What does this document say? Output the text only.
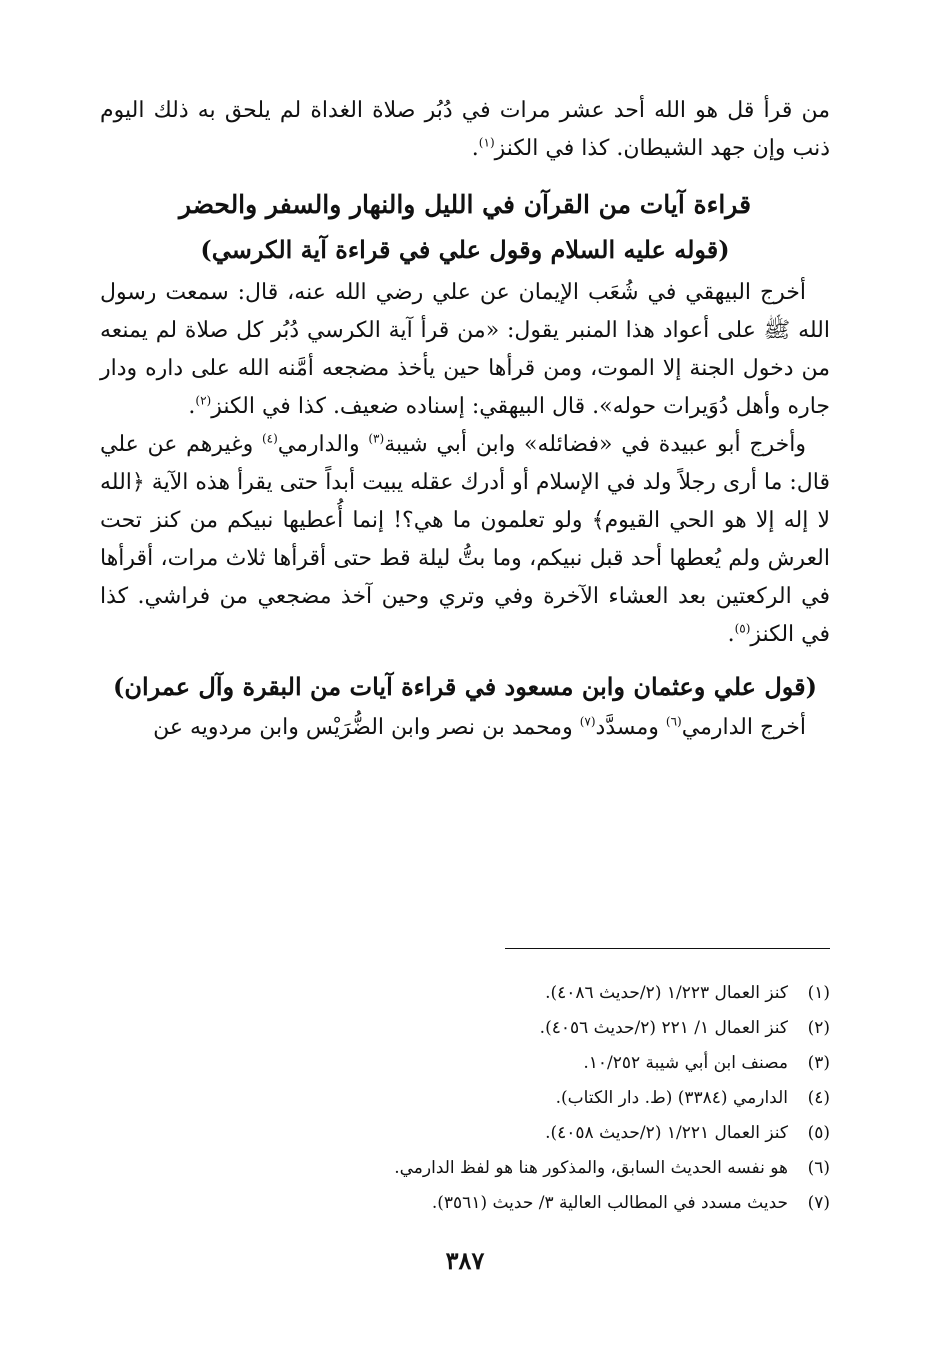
من قرأ قل هو الله أحد عشر مرات في دُبُر صلاة الغداة لم يلحق به ذلك اليوم ذنب وإن جهد الشيطان. كذا في الكنز$^{(١)}$.

قراءة آيات من القرآن في الليل والنهار والسفر والحضر
(قوله عليه السلام وقول علي في قراءة آية الكرسي)

أخرج البيهقي في شُعَب الإيمان عن علي رضي الله عنه، قال: سمعت رسول الله ﷺ على أعواد هذا المنبر يقول: «من قرأ آية الكرسي دُبُر كل صلاة لم يمنعه من دخول الجنة إلا الموت، ومن قرأها حين يأخذ مضجعه أمَّنه الله على داره ودار جاره وأهل دُوَيرات حوله». قال البيهقي: إسناده ضعيف. كذا في الكنز$^{(٢)}$.

وأخرج أبو عبيدة في «فضائله» وابن أبي شيبة$^{(٣)}$ والدارمي$^{(٤)}$ وغيرهم عن علي قال: ما أرى رجلاً ولد في الإسلام أو أدرك عقله يبيت أبداً حتى يقرأ هذه الآية ﴿الله لا إله إلا هو الحي القيوم﴾ ولو تعلمون ما هي؟! إنما أُعطيها نبيكم من كنز تحت العرش ولم يُعطها أحد قبل نبيكم، وما بتُّ ليلة قط حتى أقرأها ثلاث مرات، أقرأها في الركعتين بعد العشاء الآخرة وفي وتري وحين آخذ مضجعي من فراشي. كذا في الكنز$^{(٥)}$.

(قول علي وعثمان وابن مسعود في قراءة آيات من البقرة وآل عمران)

أخرج الدارمي$^{(٦)}$ ومسدَّد$^{(٧)}$ ومحمد بن نصر وابن الضُّرَيْس وابن مردويه عن

(١)
كنز العمال ١/٢٢٣ (٢/حديث ٤٠٨٦).
(٢)
كنز العمال ١/ ٢٢١ (٢/حديث ٤٠٥٦).
(٣)
مصنف ابن أبي شيبة ١٠/٢٥٢.
(٤)
الدارمي (٣٣٨٤) (ط. دار الكتاب).
(٥)
كنز العمال ١/٢٢١ (٢/حديث ٤٠٥٨).
(٦)
هو نفسه الحديث السابق، والمذكور هنا هو لفظ الدارمي.
(٧)
حديث مسدد في المطالب العالية ٣/ حديث (٣٥٦١).
٣٨٧
